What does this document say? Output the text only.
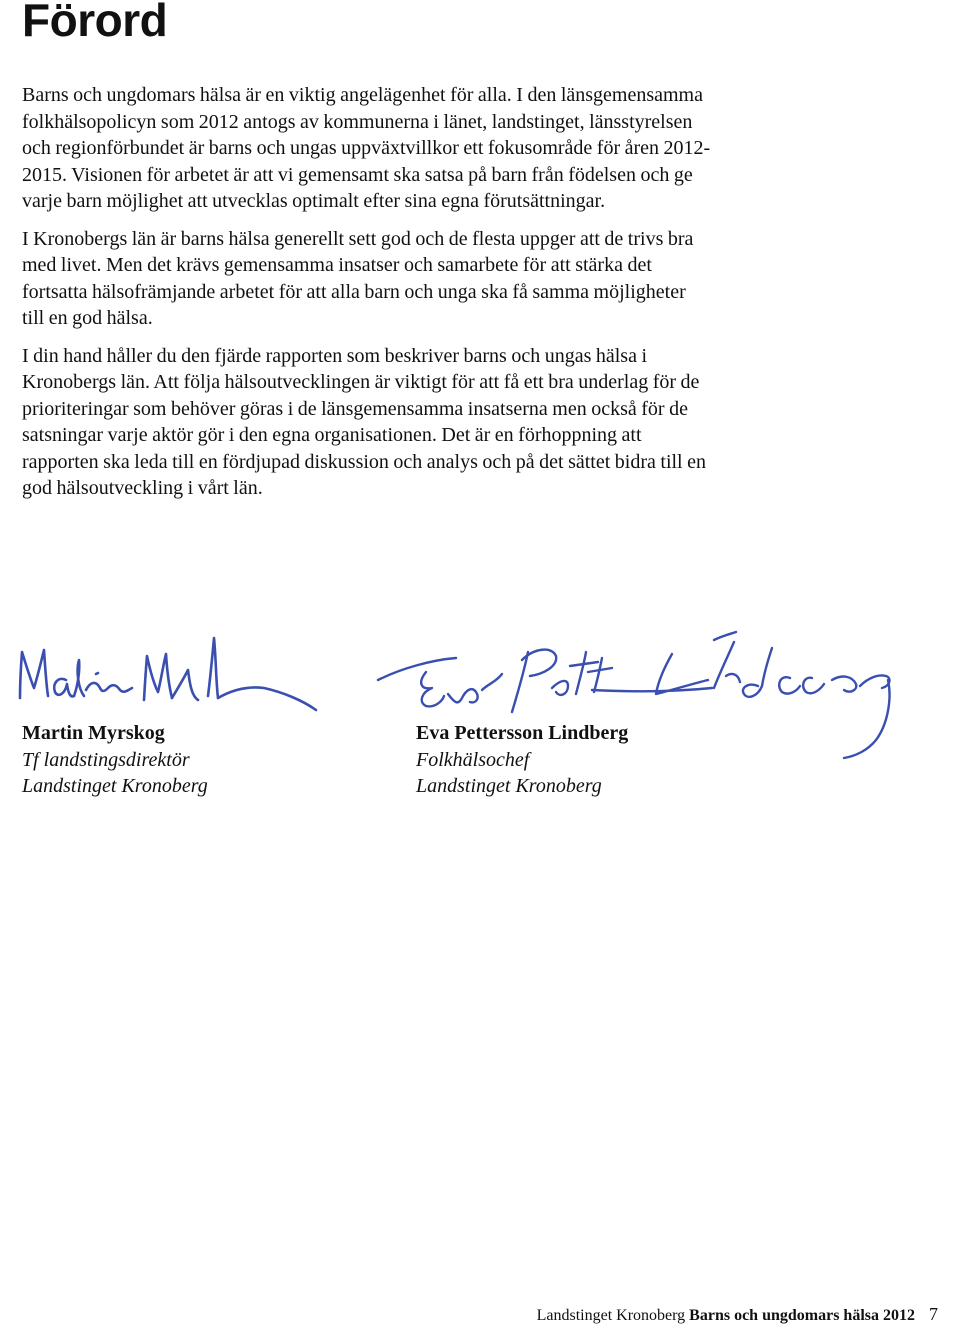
Förord

Barns och ungdomars hälsa är en viktig angelägenhet för alla. I den länsgemensamma folkhälsopolicyn som 2012 antogs av kommunerna i länet, landstinget, länsstyrelsen och regionförbundet är barns och ungas uppväxtvillkor ett fokusområde för åren 2012-2015. Visionen för arbetet är att vi gemensamt ska satsa på barn från födelsen och ge varje barn möjlighet att utvecklas optimalt efter sina egna förutsättningar.

I Kronobergs län är barns hälsa generellt sett god och de flesta uppger att de trivs bra med livet. Men det krävs gemensamma insatser och samarbete för att stärka det fortsatta hälsofrämjande arbetet för att alla barn och unga ska få samma möjligheter till en god hälsa.

I din hand håller du den fjärde rapporten som beskriver barns och ungas hälsa i Kronobergs län. Att följa hälsoutvecklingen är viktigt för att få ett bra underlag för de prioriteringar som behöver göras i de länsgemensamma insatserna men också för de satsningar varje aktör gör i den egna organisationen. Det är en förhoppning att rapporten ska leda till en fördjupad diskussion och analys och på det sättet bidra till en god hälsoutveckling i vårt län.

Martin Myrskog
Tf landstingsdirektör
Landstinget Kronoberg
Eva Pettersson Lindberg
Folkhälsochef
Landstinget Kronoberg
Landstinget Kronoberg Barns och ungdomars hälsa 2012 7
